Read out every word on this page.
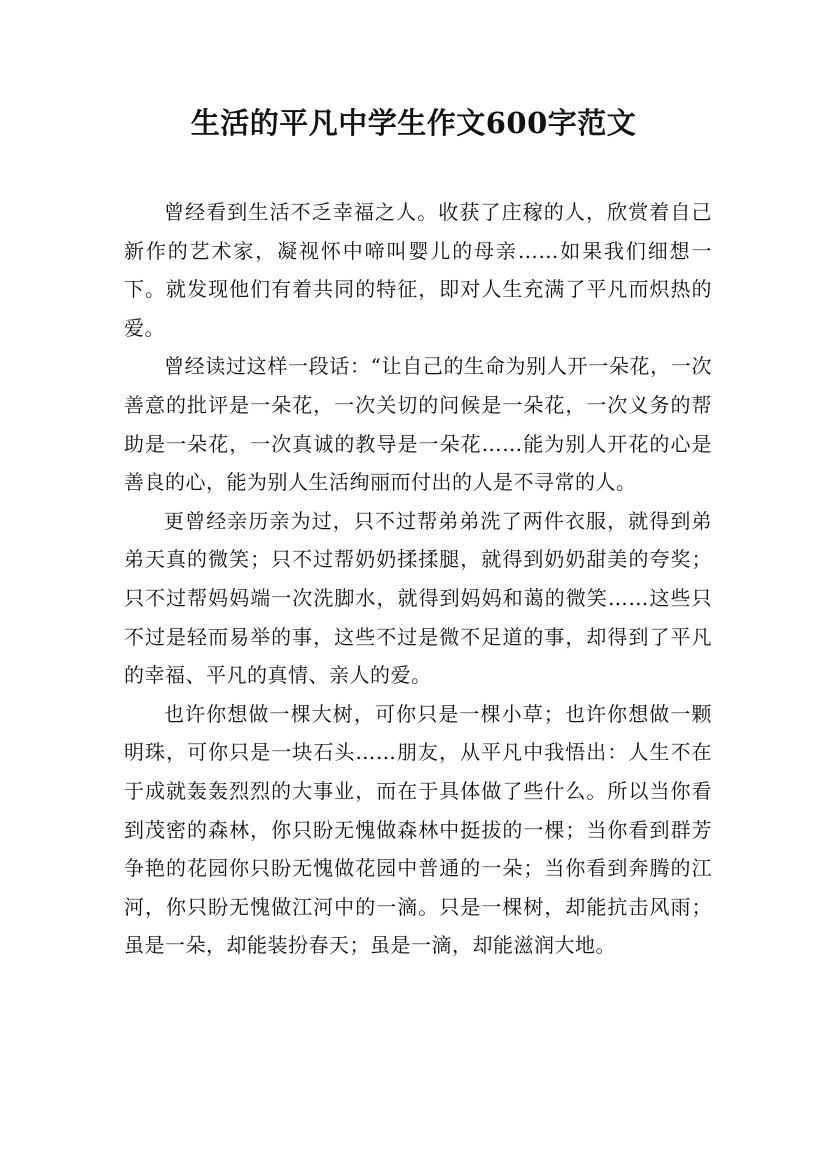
生活的平凡中学生作文600字范文

曾经看到生活不乏幸福之人。收获了庄稼的人，欣赏着自己新作的艺术家，凝视怀中啼叫婴儿的母亲……如果我们细想一下。就发现他们有着共同的特征，即对人生充满了平凡而炽热的爱。

曾经读过这样一段话：“让自己的生命为别人开一朵花，一次善意的批评是一朵花，一次关切的问候是一朵花，一次义务的帮助是一朵花，一次真诚的教导是一朵花……能为别人开花的心是善良的心，能为别人生活绚丽而付出的人是不寻常的人。

更曾经亲历亲为过，只不过帮弟弟洗了两件衣服，就得到弟弟天真的微笑；只不过帮奶奶揉揉腿，就得到奶奶甜美的夸奖；只不过帮妈妈端一次洗脚水，就得到妈妈和蔼的微笑……这些只不过是轻而易举的事，这些不过是微不足道的事，却得到了平凡的幸福、平凡的真情、亲人的爱。

也许你想做一棵大树，可你只是一棵小草；也许你想做一颗明珠，可你只是一块石头……朋友，从平凡中我悟出：人生不在于成就轰轰烈烈的大事业，而在于具体做了些什么。所以当你看到茂密的森林，你只盼无愧做森林中挺拔的一棵；当你看到群芳争艳的花园你只盼无愧做花园中普通的一朵；当你看到奔腾的江河，你只盼无愧做江河中的一滴。只是一棵树，却能抗击风雨；虽是一朵，却能装扮春天；虽是一滴，却能滋润大地。
